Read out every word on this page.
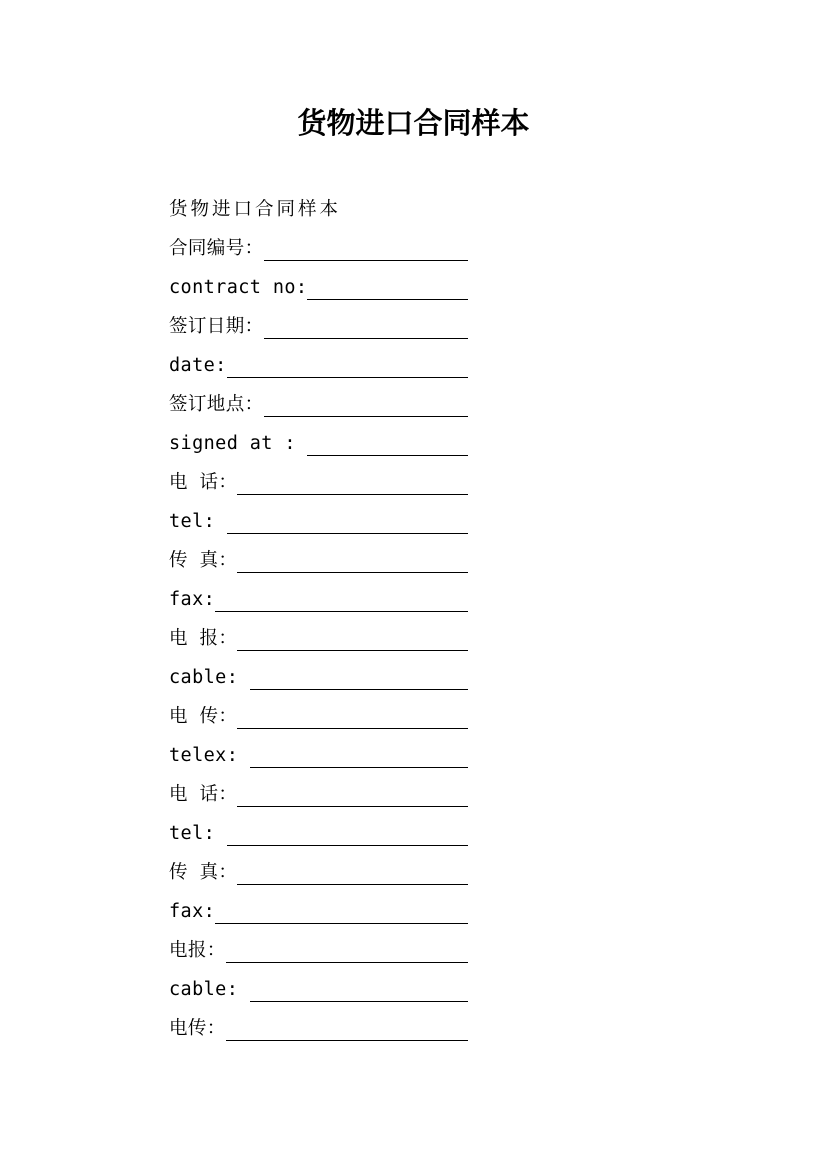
货物进口合同样本
货物进口合同样本
合同编号：
contract no:
签订日期：
date:
签订地点：
signed at :
电 话：
tel:
传 真：
fax:
电 报：
cable:
电 传：
telex:
电 话：
tel:
传 真：
fax:
电报：
cable:
电传：
